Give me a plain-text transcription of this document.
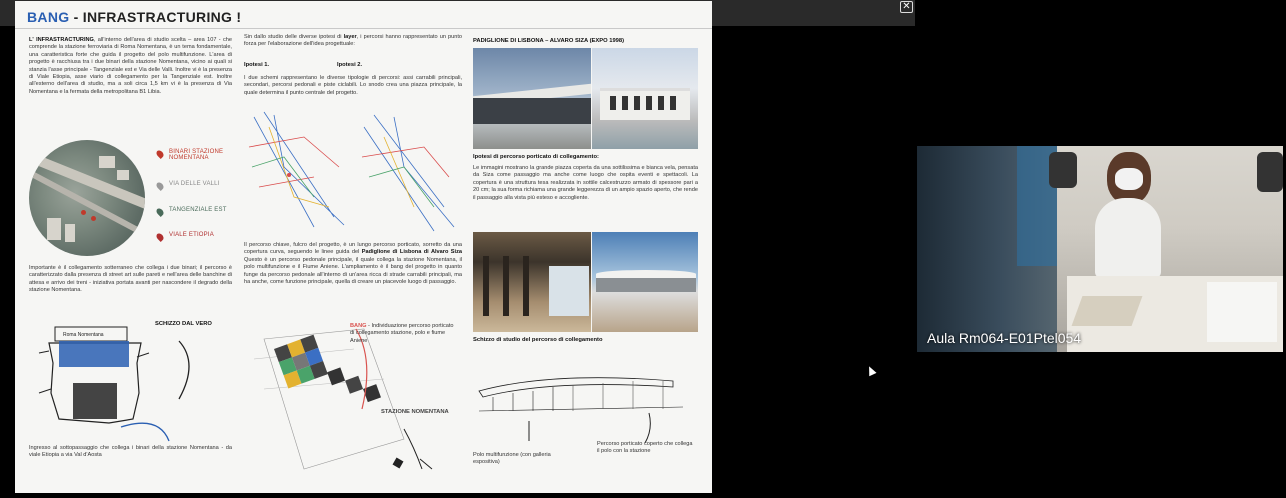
✕
BANG - INFRASTRACTURING !
L' INFRASTRACTURING, all'interno dell'area di studio scelta – area 107 - che comprende la stazione ferroviaria di Roma Nomentana, è un tema fondamentale, una caratteristica forte che guida il progetto del polo multifunzione. L'area di progetto è racchiusa tra i due binari della stazione Nomentana, vicino ai quali si stanzia l'asse principale - Tangenziale est e Via delle Valli. Inoltre vi è la presenza di Viale Etiopia, asse viario di collegamento per la Tangenziale est. Inoltre all'esterno dell'area di studio, ma a soli circa 1,5 km vi è la presenza di Via Nomentana e la fermata della metropolitana B1 Libia.
BINARI STAZIONE NOMENTANA
VIA DELLE VALLI
TANGENZIALE EST
VIALE ETIOPIA
Importante è il collegamento sotterraneo che collega i due binari; il percorso è caratterizzato dalla presenza di street art sulle pareti e nell'area delle banchine di attesa e arrivo dei treni - iniziativa portata avanti per nascondere il degrado della stazione Nomentana.
SCHIZZO DAL VERO
Roma Nomentana
Ingresso al sottopassaggio che collega i binari della stazione Nomentana - da viale Etiopia a via Val d'Aosta
Sin dallo studio delle diverse ipotesi di layer, i percorsi hanno rappresentato un punto forza per l'elaborazione dell'idea progettuale:
Ipotesi 1.	Ipotesi 2.
I due schemi rappresentano le diverse tipologie di percorsi: assi carrabili principali, secondari, percorsi pedonali e piste ciclabili. Lo snodo crea una piazza principale, la quale determina il punto centrale del progetto.
Il percorso chiave, fulcro del progetto, è un lungo percorso porticato, sorretto da una copertura curva, seguendo le linee guida del Padiglione di Lisbona di Alvaro Siza Questo è un percorso pedonale principale, il quale collega la stazione Nomentana, il polo multifunzione e il Fiume Aniene. L'ampliamento è il bang del progetto in quanto funge da percorso pedonale all'interno di un'area ricca di strade carrabili principali, ma ha anche, come funzione principale, quella di creare un piacevole luogo di passaggio.
BANG - Individuazione percorso porticato di collegamento stazione, polo e fiume Aniene
STAZIONE NOMENTANA
PADIGLIONE DI LISBONA – ALVARO SIZA (EXPO 1998)
Ipotesi di percorso porticato di collegamento:
Le immagini mostrano la grande piazza coperta da una sottilissima e bianca vela, pensata da Siza come passaggio ma anche come luogo che ospita eventi e spettacoli. La copertura è una struttura tesa realizzata in sottile calcestruzzo armato di spessore pari a 20 cm; la sua forma richiama una grande leggerezza di un ampio spazio aperto, che rende il passaggio alla vista più esteso e accogliente.
Schizzo di studio del percorso di collegamento
Polo multifunzione (con galleria espositiva)
Percorso porticato coperto che collega il polo con la stazione
Aula Rm064-E01Ptel054
